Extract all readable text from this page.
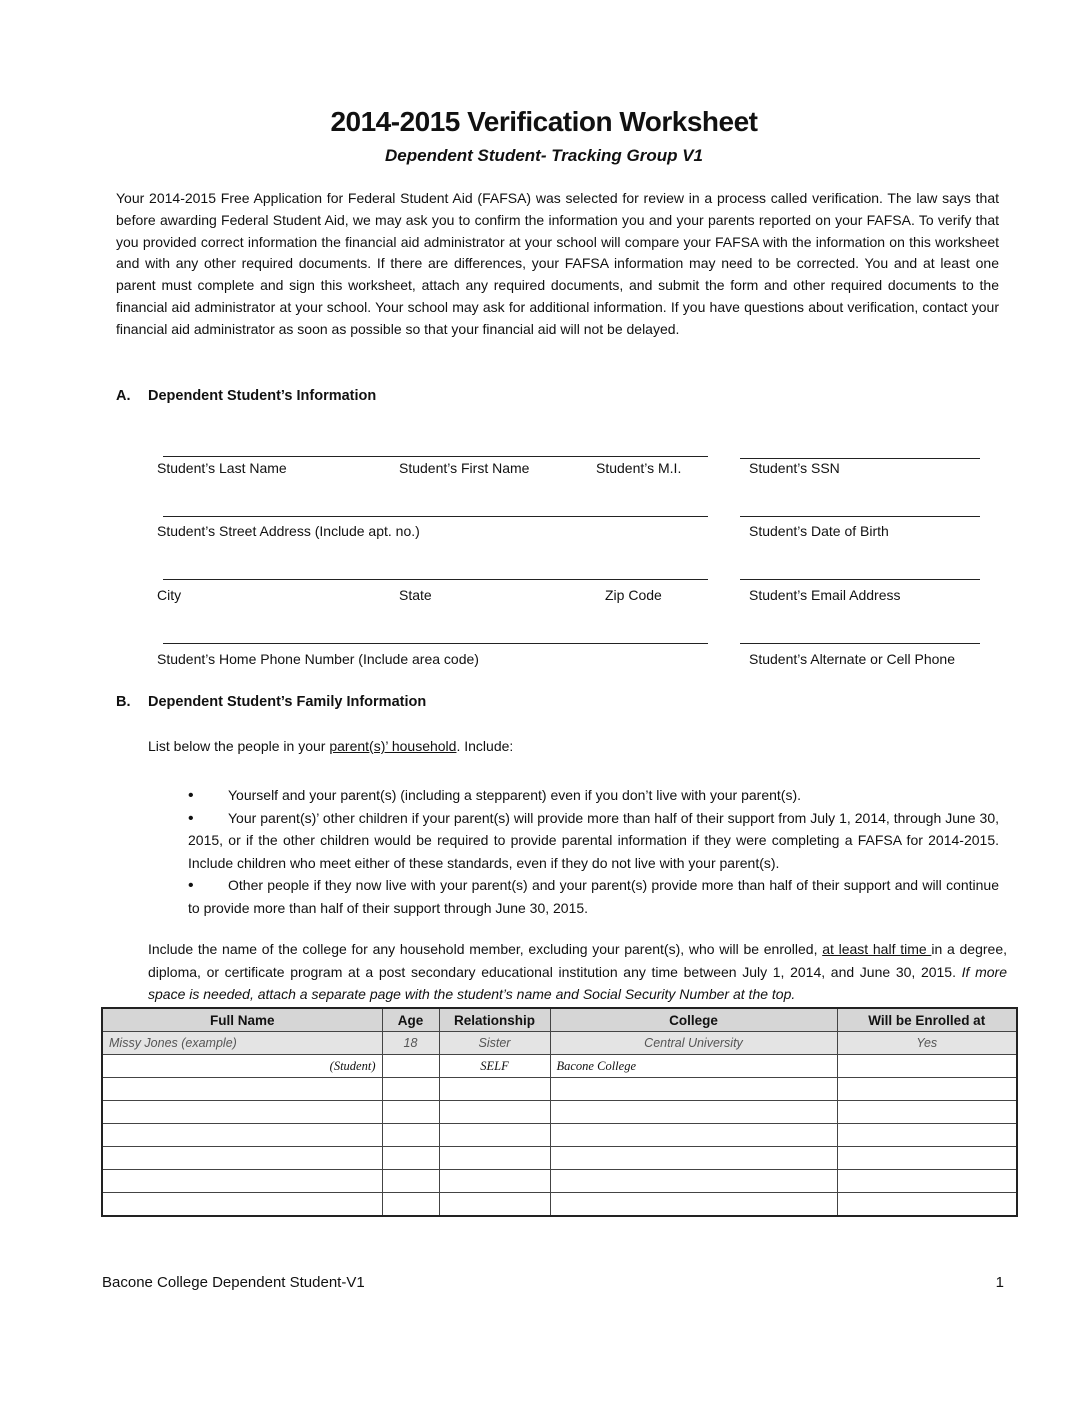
2014-2015 Verification Worksheet
Dependent Student- Tracking Group V1
Your 2014-2015 Free Application for Federal Student Aid (FAFSA) was selected for review in a process called verification. The law says that before awarding Federal Student Aid, we may ask you to confirm the information you and your parents reported on your FAFSA. To verify that you provided correct information the financial aid administrator at your school will compare your FAFSA with the information on this worksheet and with any other required documents. If there are differences, your FAFSA information may need to be corrected. You and at least one parent must complete and sign this worksheet, attach any required documents, and submit the form and other required documents to the financial aid administrator at your school. Your school may ask for additional information. If you have questions about verification, contact your financial aid administrator as soon as possible so that your financial aid will not be delayed.
A. Dependent Student’s Information
Student’s Last Name	Student’s First Name	Student’s M.I.	Student’s SSN
Student’s Street Address (Include apt. no.)	Student’s Date of Birth
City	State	Zip Code	Student’s Email Address
Student’s Home Phone Number (Include area code)	Student’s Alternate or Cell Phone
B. Dependent Student’s Family Information
List below the people in your parent(s)’ household. Include:
•
Yourself and your parent(s) (including a stepparent) even if you don’t live with your parent(s).
•
Your parent(s)’ other children if your parent(s) will provide more than half of their support from July 1, 2014, through June 30, 2015, or if the other children would be required to provide parental information if they were completing a FAFSA for 2014-2015. Include children who meet either of these standards, even if they do not live with your parent(s).
•
Other people if they now live with your parent(s) and your parent(s) provide more than half of their support and will continue to provide more than half of their support through June 30, 2015.
Include the name of the college for any household member, excluding your parent(s), who will be enrolled, at least half time in a degree, diploma, or certificate program at a post secondary educational institution any time between July 1, 2014, and June 30, 2015. If more space is needed, attach a separate page with the student’s name and Social Security Number at the top.
Full Name	Age	Relationship	College	Will be Enrolled at
Missy Jones (example)	18	Sister	Central University	Yes
(Student)		SELF	Bacone College	

Bacone College Dependent Student-V1	1
